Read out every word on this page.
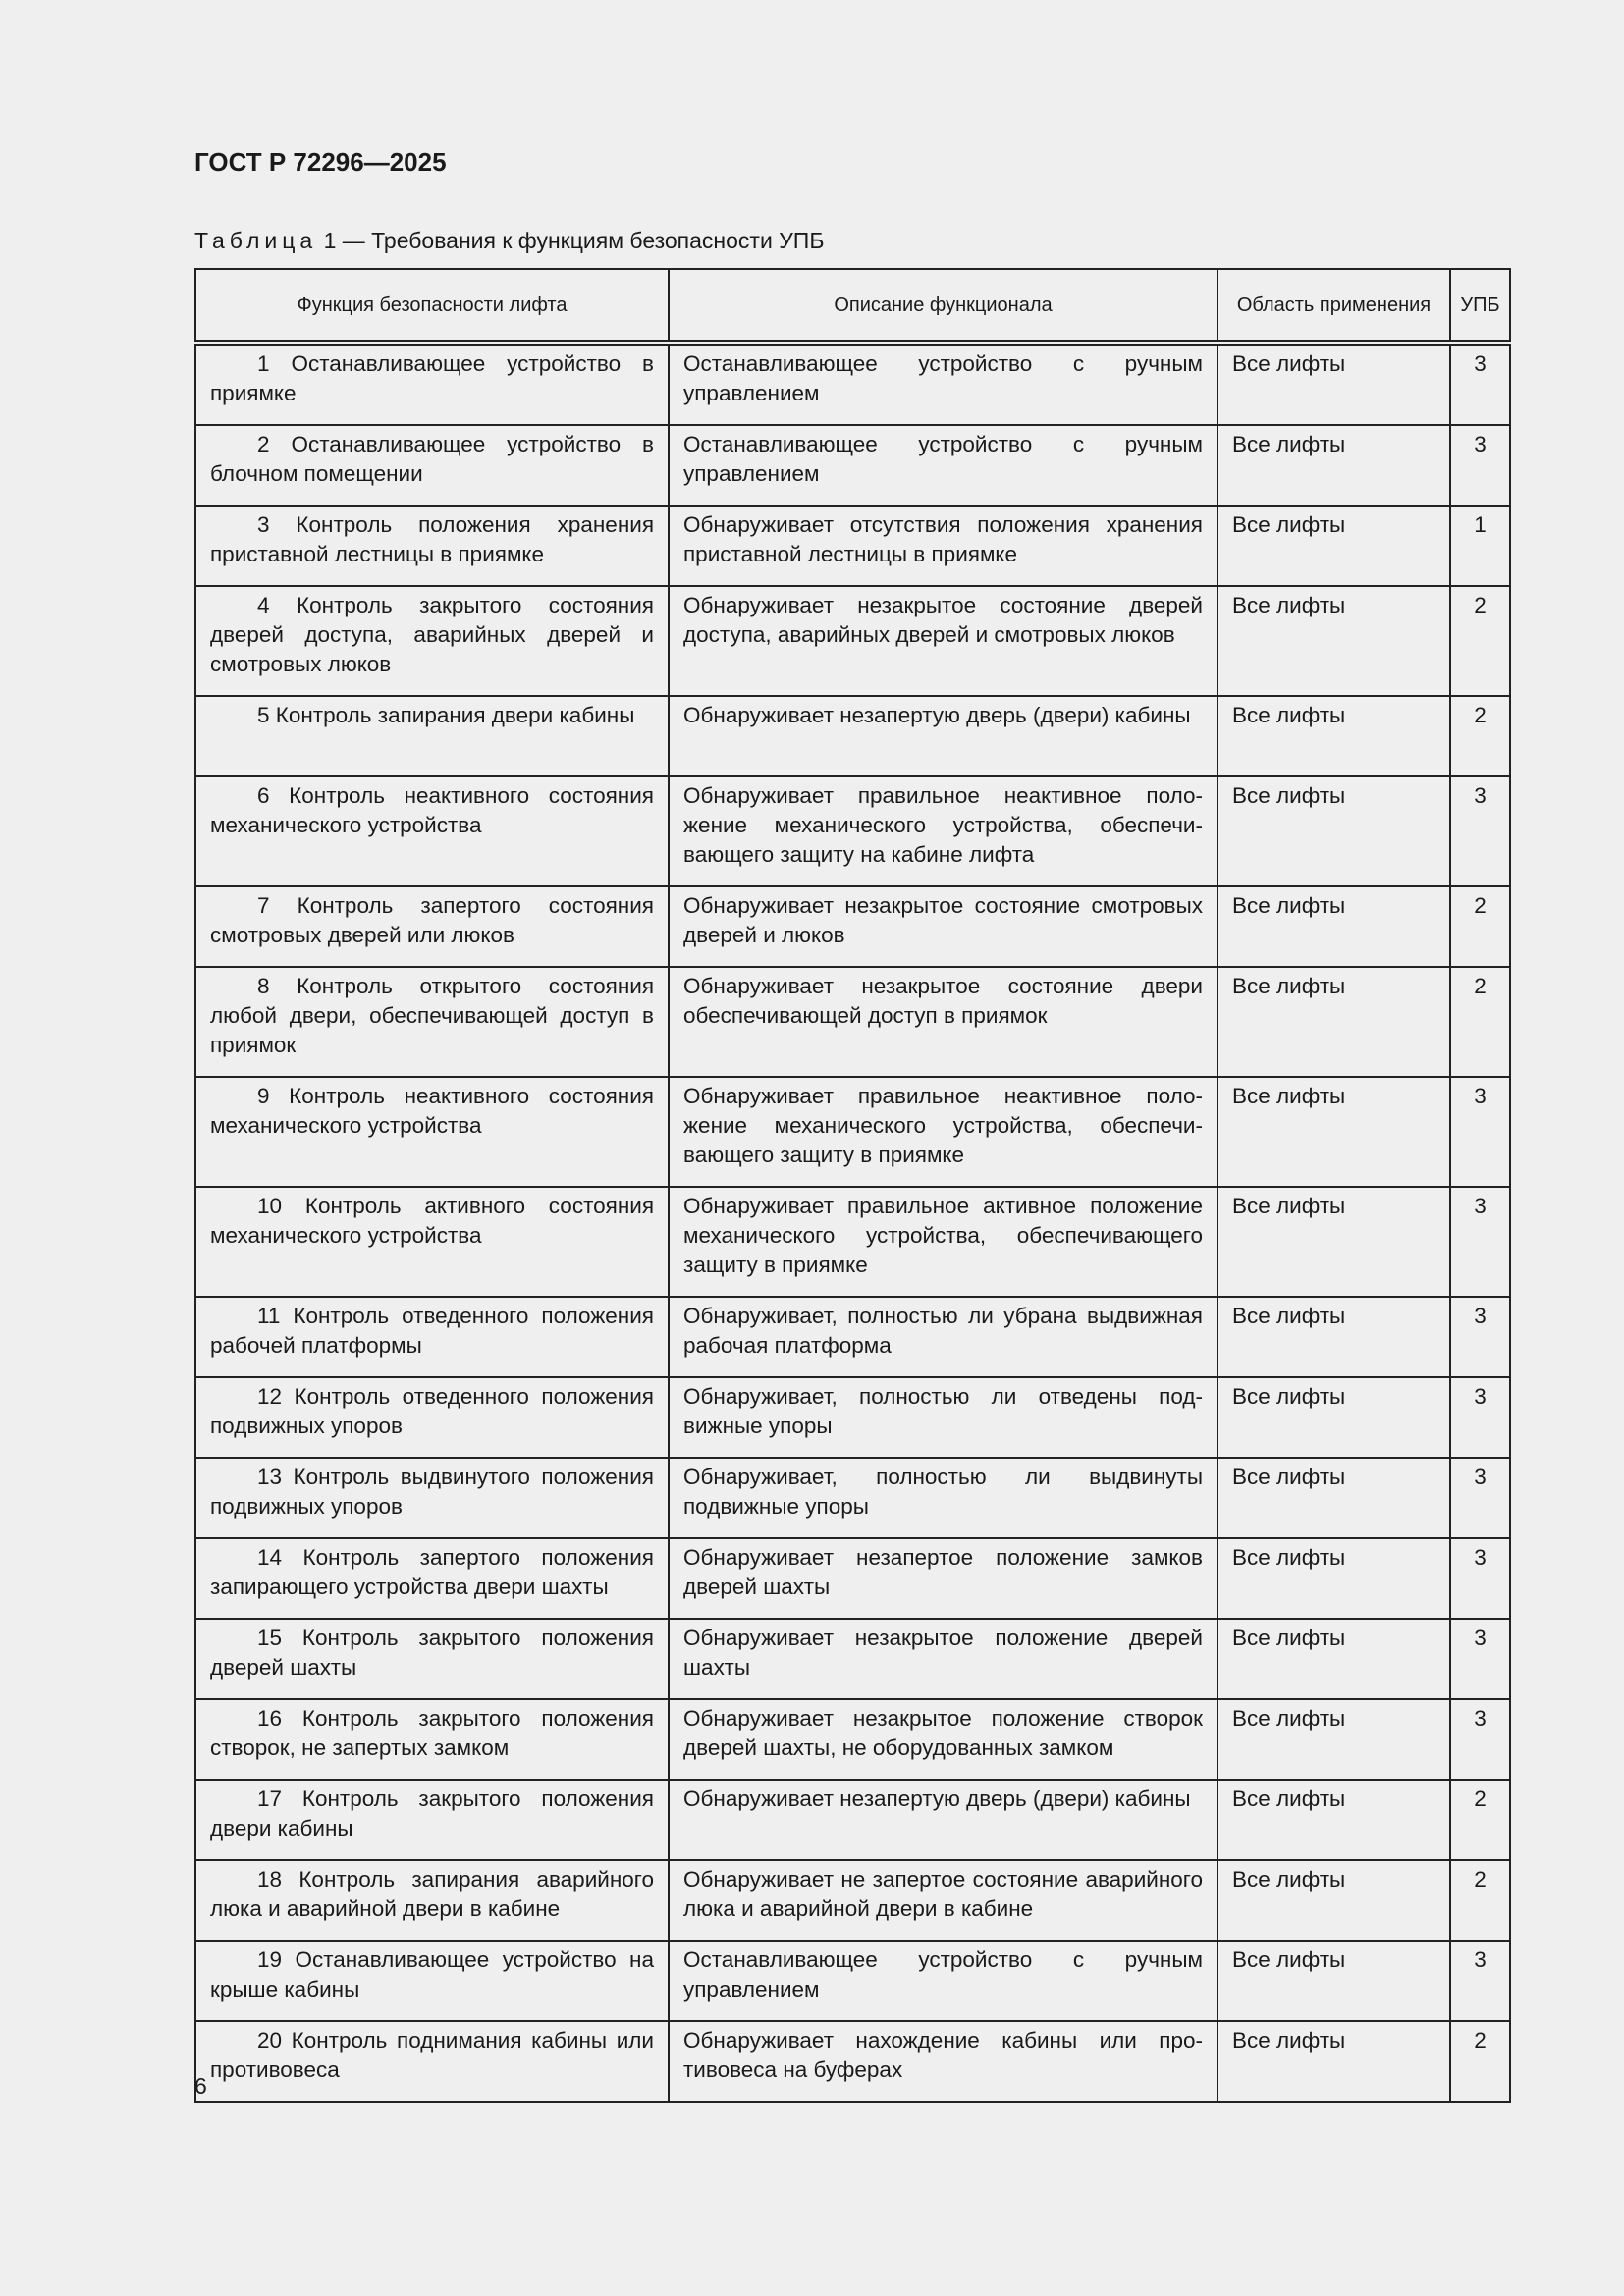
ГОСТ Р 72296—2025

Таблица 1 — Требования к функциям безопасности УПБ

Функция безопасности лифта	Описание функционала	Область применения	УПБ
1 Останавливающее устройство в приямке	Останавливающее устройство с ручным управлением	Все лифты	3
2 Останавливающее устройство в блочном помещении	Останавливающее устройство с ручным управлением	Все лифты	3
3 Контроль положения хранения приставной лестницы в приямке	Обнаруживает отсутствия положения хранения приставной лестницы в приямке	Все лифты	1
4 Контроль закрытого состояния дверей доступа, аварийных дверей и смотровых люков	Обнаруживает незакрытое состояние дверей доступа, аварийных дверей и смотровых люков	Все лифты	2
5 Контроль запирания двери кабины	Обнаруживает незапертую дверь (двери) кабины	Все лифты	2
6 Контроль неактивного состояния механического устройства	Обнаруживает правильное неактивное положение механического устройства, обеспечивающего защиту на кабине лифта	Все лифты	3
7 Контроль запертого состояния смотровых дверей или люков	Обнаруживает незакрытое состояние смотровых дверей и люков	Все лифты	2
8 Контроль открытого состояния любой двери, обеспечивающей доступ в приямок	Обнаруживает незакрытое состояние двери обеспечивающей доступ в приямок	Все лифты	2
9 Контроль неактивного состояния механического устройства	Обнаруживает правильное неактивное положение механического устройства, обеспечивающего защиту в приямке	Все лифты	3
10 Контроль активного состояния механического устройства	Обнаруживает правильное активное положение механического устройства, обеспечивающего защиту в приямке	Все лифты	3
11 Контроль отведенного положения рабочей платформы	Обнаруживает, полностью ли убрана выдвижная рабочая платформа	Все лифты	3
12 Контроль отведенного положения подвижных упоров	Обнаруживает, полностью ли отведены подвижные упоры	Все лифты	3
13 Контроль выдвинутого положения подвижных упоров	Обнаруживает, полностью ли выдвинуты подвижные упоры	Все лифты	3
14 Контроль запертого положения запирающего устройства двери шахты	Обнаруживает незапертое положение замков дверей шахты	Все лифты	3
15 Контроль закрытого положения дверей шахты	Обнаруживает незакрытое положение дверей шахты	Все лифты	3
16 Контроль закрытого положения створок, не запертых замком	Обнаруживает незакрытое положение створок дверей шахты, не оборудованных замком	Все лифты	3
17 Контроль закрытого положения двери кабины	Обнаруживает незапертую дверь (двери) кабины	Все лифты	2
18 Контроль запирания аварийного люка и аварийной двери в кабине	Обнаруживает не запертое состояние аварийного люка и аварийной двери в кабине	Все лифты	2
19 Останавливающее устройство на крыше кабины	Останавливающее устройство с ручным управлением	Все лифты	3
20 Контроль поднимания кабины или противовеса	Обнаруживает нахождение кабины или противовеса на буферах	Все лифты	2

6
